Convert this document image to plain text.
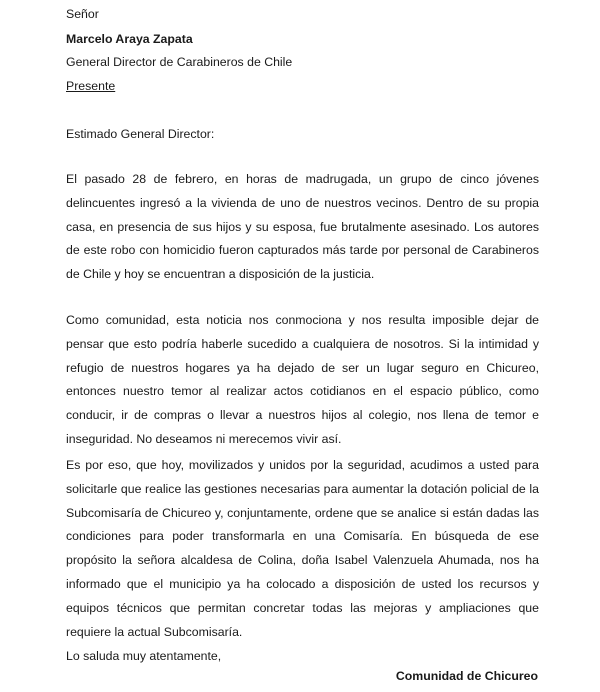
Señor
Marcelo Araya Zapata
General Director de Carabineros de Chile
Presente
Estimado General Director:
El pasado 28 de febrero, en horas de madrugada, un grupo de cinco jóvenes delincuentes ingresó a la vivienda de uno de nuestros vecinos. Dentro de su propia casa, en presencia de sus hijos y su esposa, fue brutalmente asesinado. Los autores de este robo con homicidio fueron capturados más tarde por personal de Carabineros de Chile y hoy se encuentran a disposición de la justicia.
Como comunidad, esta noticia nos conmociona y nos resulta imposible dejar de pensar que esto podría haberle sucedido a cualquiera de nosotros. Si la intimidad y refugio de nuestros hogares ya ha dejado de ser un lugar seguro en Chicureo, entonces nuestro temor al realizar actos cotidianos en el espacio público, como conducir, ir de compras o llevar a nuestros hijos al colegio, nos llena de temor e inseguridad. No deseamos ni merecemos vivir así.
Es por eso, que hoy, movilizados y unidos por la seguridad, acudimos a usted para solicitarle que realice las gestiones necesarias para aumentar la dotación policial de la Subcomisaría de Chicureo y, conjuntamente, ordene que se analice si están dadas las condiciones para poder transformarla en una Comisaría. En búsqueda de ese propósito la señora alcaldesa de Colina, doña Isabel Valenzuela Ahumada, nos ha informado que el municipio ya ha colocado a disposición de usted los recursos y equipos técnicos que permitan concretar todas las mejoras y ampliaciones que requiere la actual Subcomisaría.
Lo saluda muy atentamente,
Comunidad de Chicureo
